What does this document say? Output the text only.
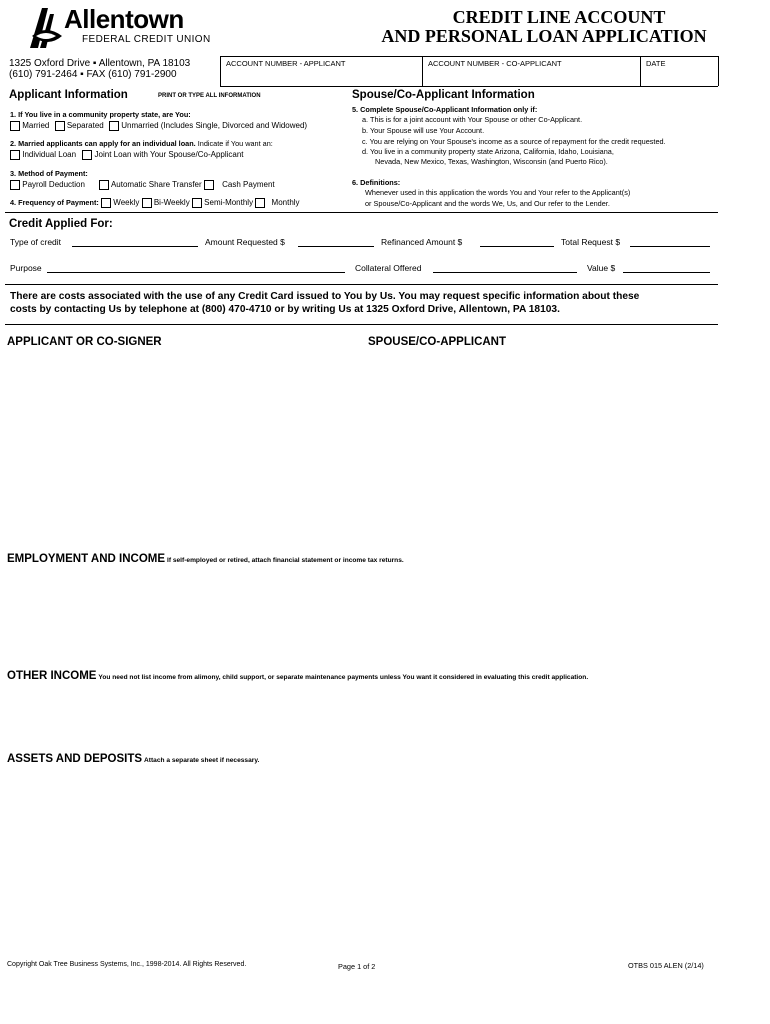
Allentown
FEDERAL CREDIT UNION
1325 Oxford Drive ▪ Allentown, PA 18103
(610) 791-2464 ▪ FAX (610) 791-2900
CREDIT LINE ACCOUNT
AND PERSONAL LOAN APPLICATION
ACCOUNT NUMBER - APPLICANT	ACCOUNT NUMBER - CO-APPLICANT	DATE
Applicant Information	PRINT OR TYPE ALL INFORMATION
1. If You live in a community property state, are You:
Married Separated Unmarried (Includes Single, Divorced and Widowed)
2. Married applicants can apply for an individual loan. Indicate if You want an:
Individual Loan Joint Loan with Your Spouse/Co-Applicant
3. Method of Payment:
Payroll Deduction	Automatic Share Transfer	Cash Payment
4. Frequency of Payment: Weekly Bi-Weekly Semi-Monthly Monthly
Spouse/Co-Applicant Information
5. Complete Spouse/Co-Applicant Information only if:
a. This is for a joint account with Your Spouse or other Co-Applicant.
b. Your Spouse will use Your Account.
c. You are relying on Your Spouse's income as a source of repayment for the credit requested.
d. You live in a community property state Arizona, California, Idaho, Louisiana,
Nevada, New Mexico, Texas, Washington, Wisconsin (and Puerto Rico).
6. Definitions:
Whenever used in this application the words You and Your refer to the Applicant(s)
or Spouse/Co-Applicant and the words We, Us, and Our refer to the Lender.
Credit Applied For:
Type of credit	Amount Requested $	Refinanced Amount $	Total Request $
Purpose	Collateral Offered	Value $
There are costs associated with the use of any Credit Card issued to You by Us. You may request specific information about these
costs by contacting Us by telephone at (800) 470-4710 or by writing Us at 1325 Oxford Drive, Allentown, PA 18103.
APPLICANT OR CO-SIGNER	SPOUSE/CO-APPLICANT
EMPLOYMENT AND INCOME If self-employed or retired, attach financial statement or income tax returns.
OTHER INCOME You need not list income from alimony, child support, or separate maintenance payments unless You want it considered in evaluating this credit application.
ASSETS AND DEPOSITS Attach a separate sheet if necessary.
Copyright Oak Tree Business Systems, Inc., 1998-2014. All Rights Reserved.	Page 1 of 2	OTBS 015 ALEN (2/14)
